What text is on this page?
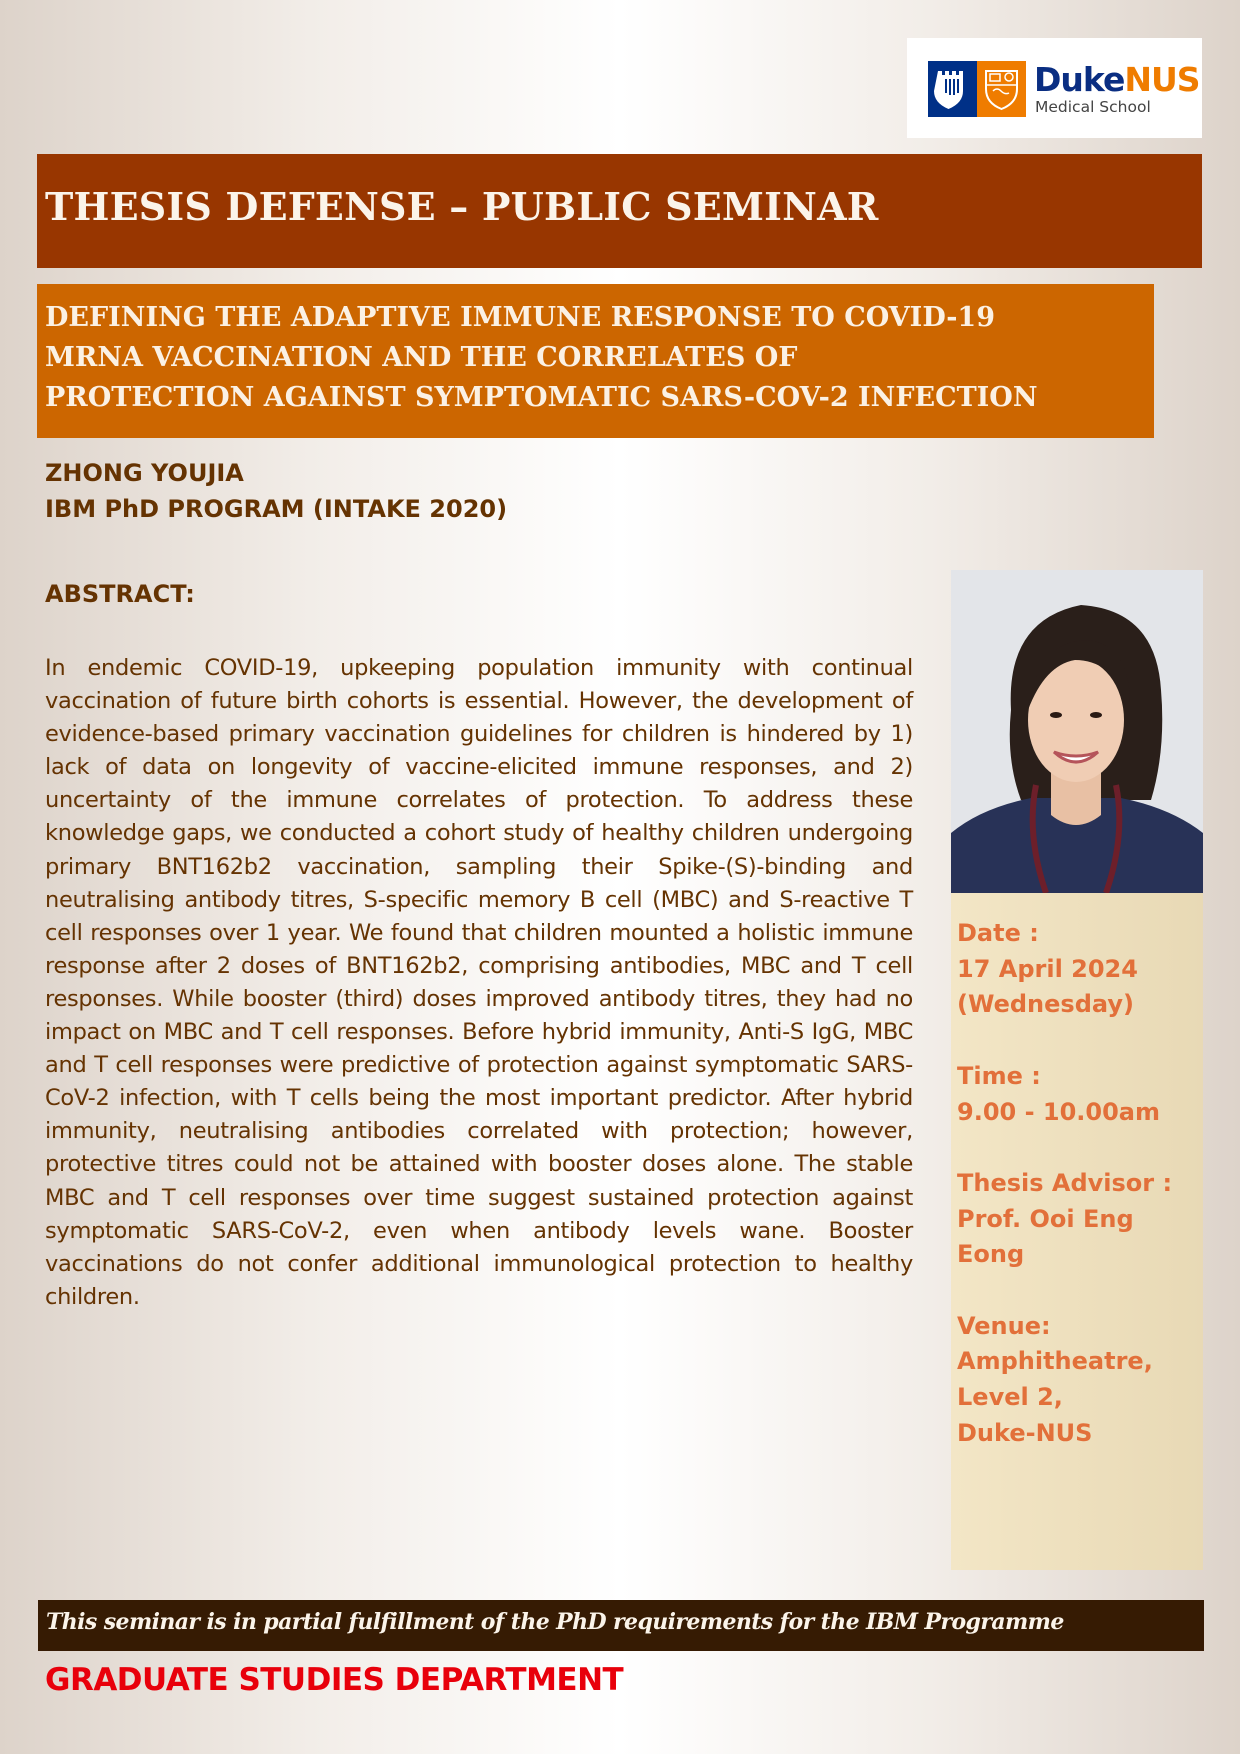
DukeNUS
Medical School
THESIS DEFENSE – PUBLIC SEMINAR
DEFINING THE ADAPTIVE IMMUNE RESPONSE TO COVID-19
MRNA VACCINATION AND THE CORRELATES OF
PROTECTION AGAINST SYMPTOMATIC SARS-COV-2 INFECTION
ZHONG YOUJIA
IBM PhD PROGRAM (INTAKE 2020)
ABSTRACT:
In endemic COVID-19, upkeeping population immunity with continual vaccination of future birth cohorts is essential. However, the development of evidence-based primary vaccination guidelines for children is hindered by 1) lack of data on longevity of vaccine-elicited immune responses, and 2) uncertainty of the immune correlates of protection. To address these knowledge gaps, we conducted a cohort study of healthy children undergoing primary BNT162b2 vaccination, sampling their Spike-(S)-binding and neutralising antibody titres, S-specific memory B cell (MBC) and S-reactive T cell responses over 1 year. We found that children mounted a holistic immune response after 2 doses of BNT162b2, comprising antibodies, MBC and T cell responses. While booster (third) doses improved antibody titres, they had no impact on MBC and T cell responses. Before hybrid immunity, Anti-S IgG, MBC and T cell responses were predictive of protection against symptomatic SARS-CoV-2 infection, with T cells being the most important predictor. After hybrid immunity, neutralising antibodies correlated with protection; however, protective titres could not be attained with booster doses alone. The stable MBC and T cell responses over time suggest sustained protection against symptomatic SARS-CoV-2, even when antibody levels wane. Booster vaccinations do not confer additional immunological protection to healthy children.
Date :
17 April 2024
(Wednesday)
Time :
9.00 - 10.00am
Thesis Advisor :
Prof. Ooi Eng
Eong
Venue:
Amphitheatre,
Level 2,
Duke-NUS
This seminar is in partial fulfillment of the PhD requirements for the IBM Programme
GRADUATE STUDIES DEPARTMENT
